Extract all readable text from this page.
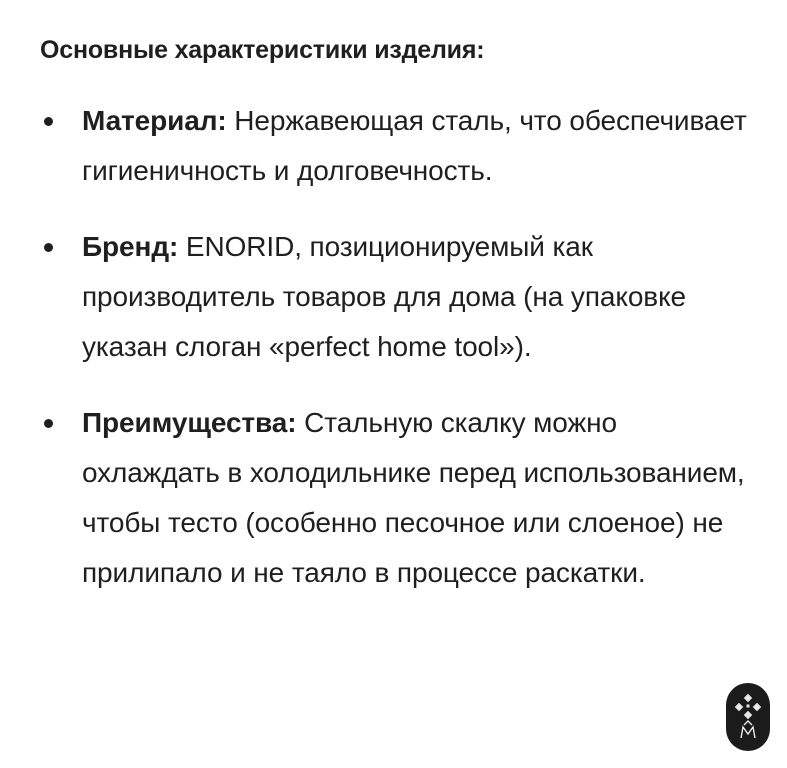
Основные характеристики изделия:
Материал: Нержавеющая сталь, что обеспечивает гигиеничность и долговечность.
Бренд: ENORID, позиционируемый как производитель товаров для дома (на упаковке указан слоган «perfect home tool»).
Преимущества: Стальную скалку можно охлаждать в холодильнике перед использованием, чтобы тесто (особенно песочное или слоеное) не прилипало и не таяло в процессе раскатки.
